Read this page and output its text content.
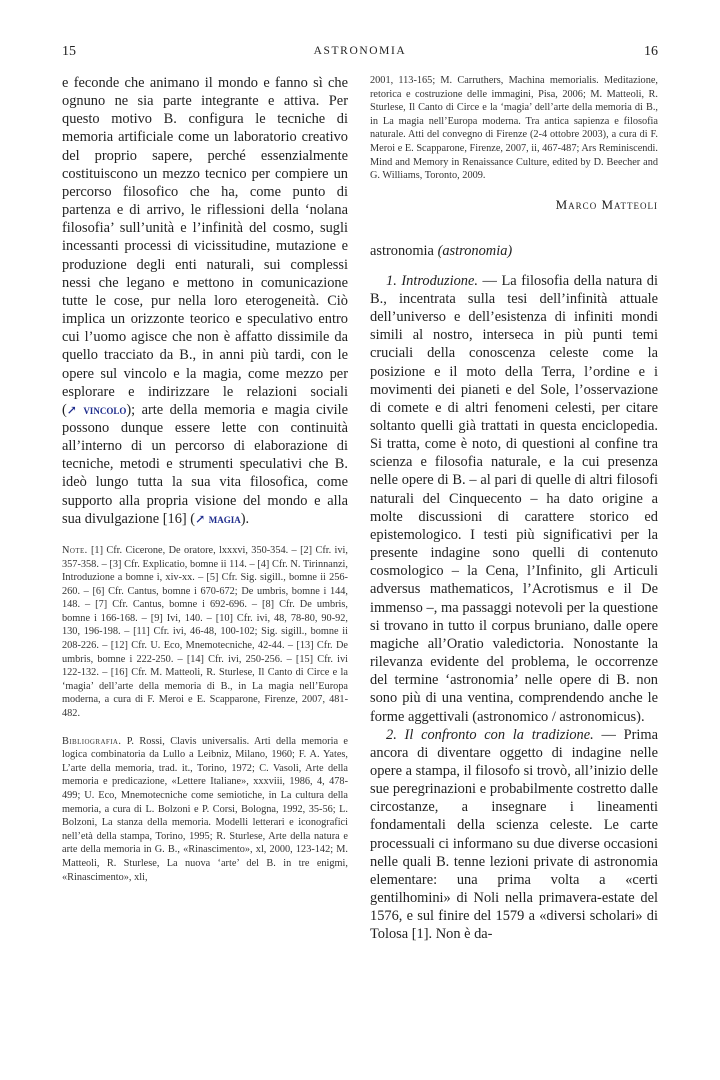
15	ASTRONOMIA	16

e feconde che animano il mondo e fanno sì che ognuno ne sia parte integrante e attiva. Per questo motivo B. configura le tecniche di memoria artificiale come un laboratorio creativo del proprio sapere, perché essenzialmente costituiscono un mezzo tecnico per compiere un percorso filosofico che ha, come punto di partenza e di arrivo, le riflessioni della ‘nolana filosofia’ sull’unità e l’infinità del cosmo, sugli incessanti processi di vicissitudine, mutazione e produzione degli enti naturali, sui complessi nessi che legano e mettono in comunicazione tutte le cose, pur nella loro eterogeneità. Ciò implica un orizzonte teorico e speculativo entro cui l’uomo agisce che non è affatto dissimile da quello tracciato da B., in anni più tardi, con le opere sul vincolo e la magia, come mezzo per esplorare e indirizzare le relazioni sociali (↗ vincolo); arte della memoria e magia civile possono dunque essere lette con continuità all’interno di un percorso di elaborazione di tecniche, metodi e strumenti speculativi che B. ideò lungo tutta la sua vita filosofica, come supporto alla propria visione del mondo e alla sua divulgazione [16] (↗ magia).

Note. [1] Cfr. Cicerone, De oratore, lxxxvi, 350-354. – [2] Cfr. ivi, 357-358. – [3] Cfr. Explicatio, bomne ii 114. – [4] Cfr. N. Tirinnanzi, Introduzione a bomne i, xiv-xx. – [5] Cfr. Sig. sigill., bomne ii 256-260. – [6] Cfr. Cantus, bomne i 670-672; De umbris, bomne i 144, 148. – [7] Cfr. Cantus, bomne i 692-696. – [8] Cfr. De umbris, bomne i 166-168. – [9] Ivi, 140. – [10] Cfr. ivi, 48, 78-80, 90-92, 130, 196-198. – [11] Cfr. ivi, 46-48, 100-102; Sig. sigill., bomne ii 208-226. – [12] Cfr. U. Eco, Mnemotecniche, 42-44. – [13] Cfr. De umbris, bomne i 222-250. – [14] Cfr. ivi, 250-256. – [15] Cfr. ivi 122-132. – [16] Cfr. M. Matteoli, R. Sturlese, Il Canto di Circe e la ‘magia’ dell’arte della memoria di B., in La magia nell’Europa moderna, a cura di F. Meroi e E. Scapparone, Firenze, 2007, 481-482.

Bibliografia. P. Rossi, Clavis universalis. Arti della memoria e logica combinatoria da Lullo a Leibniz, Milano, 1960; F. A. Yates, L’arte della memoria, trad. it., Torino, 1972; C. Vasoli, Arte della memoria e predicazione, «Lettere Italiane», xxxviii, 1986, 4, 478-499; U. Eco, Mnemotecniche come semiotiche, in La cultura della memoria, a cura di L. Bolzoni e P. Corsi, Bologna, 1992, 35-56; L. Bolzoni, La stanza della memoria. Modelli letterari e iconografici nell’età della stampa, Torino, 1995; R. Sturlese, Arte della natura e arte della memoria in G. B., «Rinascimento», xl, 2000, 123-142; M. Matteoli, R. Sturlese, La nuova ‘arte’ del B. in tre enigmi, «Rinascimento», xli,

2001, 113-165; M. Carruthers, Machina memorialis. Meditazione, retorica e costruzione delle immagini, Pisa, 2006; M. Matteoli, R. Sturlese, Il Canto di Circe e la ‘magia’ dell’arte della memoria di B., in La magia nell’Europa moderna. Tra antica sapienza e filosofia naturale. Atti del convegno di Firenze (2-4 ottobre 2003), a cura di F. Meroi e E. Scapparone, Firenze, 2007, ii, 467-487; Ars Reminiscendi. Mind and Memory in Renaissance Culture, edited by D. Beecher and G. Williams, Toronto, 2009.

Marco Matteoli

astronomia (astronomia)

1. Introduzione. — La filosofia della natura di B., incentrata sulla tesi dell’infinità attuale dell’universo e dell’esistenza di infiniti mondi simili al nostro, interseca in più punti temi cruciali della conoscenza celeste come la posizione e il moto della Terra, l’ordine e i movimenti dei pianeti e del Sole, l’osservazione di comete e di altri fenomeni celesti, per citare soltanto quelli già trattati in questa enciclopedia. Si tratta, come è noto, di questioni al confine tra scienza e filosofia naturale, e la cui presenza nelle opere di B. – al pari di quelle di altri filosofi naturali del Cinquecento – ha dato origine a molte discussioni di carattere storico ed epistemologico. I testi più significativi per la presente indagine sono quelli di contenuto cosmologico – la Cena, l’Infinito, gli Articuli adversus mathematicos, l’Acrotismus e il De immenso –, ma passaggi notevoli per la questione si trovano in tutto il corpus bruniano, dalle opere magiche all’Oratio valedictoria. Nonostante la rilevanza evidente del problema, le occorrenze del termine ‘astronomia’ nelle opere di B. non sono più di una ventina, comprendendo anche le forme aggettivali (astronomico / astronomicus).

2. Il confronto con la tradizione. — Prima ancora di diventare oggetto di indagine nelle opere a stampa, il filosofo si trovò, all’inizio delle sue peregrinazioni e probabilmente costretto dalle circostanze, a insegnare i lineamenti fondamentali della scienza celeste. Le carte processuali ci informano su due diverse occasioni nelle quali B. tenne lezioni private di astronomia elementare: una prima volta a «certi gentilhomini» di Noli nella primavera-estate del 1576, e sul finire del 1579 a «diversi scholari» di Tolosa [1]. Non è da-
